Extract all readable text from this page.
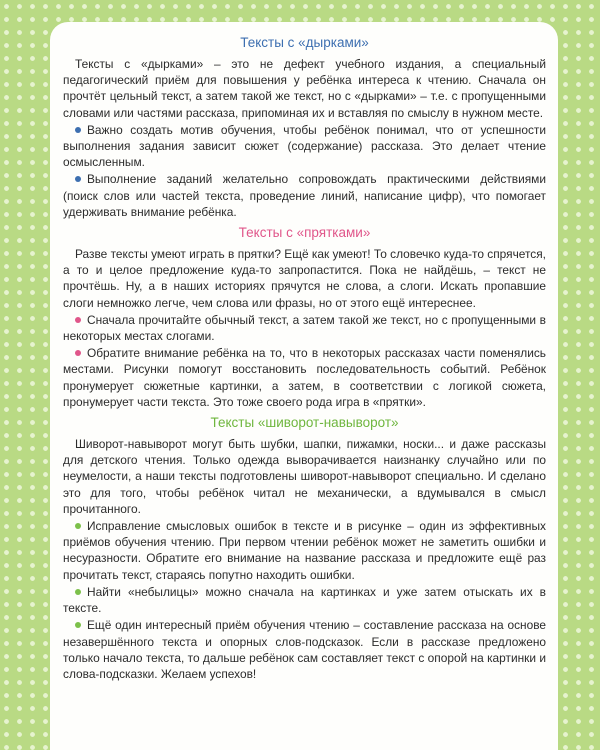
Тексты с «дырками»

Тексты с «дырками» – это не дефект учебного издания, а специальный педагогический приём для повышения у ребёнка интереса к чтению. Сначала он прочтёт цельный текст, а затем такой же текст, но с «дырками» – т.е. с пропущенными словами или частями рассказа, припоминая их и вставляя по смыслу в нужном месте.

Важно создать мотив обучения, чтобы ребёнок понимал, что от успешности выполнения задания зависит сюжет (содержание) рассказа. Это делает чтение осмысленным.

Выполнение заданий желательно сопровождать практическими действиями (поиск слов или частей текста, проведение линий, написание цифр), что помогает удерживать внимание ребёнка.

Тексты с «прятками»

Разве тексты умеют играть в прятки? Ещё как умеют! То словечко куда-то спрячется, а то и целое предложение куда-то запропастится. Пока не найдёшь, – текст не прочтёшь. Ну, а в наших историях прячутся не слова, а слоги. Искать пропавшие слоги немножко легче, чем слова или фразы, но от этого ещё интереснее.

Сначала прочитайте обычный текст, а затем такой же текст, но с пропущенными в некоторых местах слогами.

Обратите внимание ребёнка на то, что в некоторых рассказах части поменялись местами. Рисунки помогут восстановить последовательность событий. Ребёнок пронумерует сюжетные картинки, а затем, в соответствии с логикой сюжета, пронумерует части текста. Это тоже своего рода игра в «прятки».

Тексты «шиворот-навыворот»

Шиворот-навыворот могут быть шубки, шапки, пижамки, носки... и даже рассказы для детского чтения. Только одежда выворачивается наизнанку случайно или по неумелости, а наши тексты подготовлены шиворот-навыворот специально. И сделано это для того, чтобы ребёнок читал не механически, а вдумывался в смысл прочитанного.

Исправление смысловых ошибок в тексте и в рисунке – один из эффективных приёмов обучения чтению. При первом чтении ребёнок может не заметить ошибки и несуразности. Обратите его внимание на название рассказа и предложите ещё раз прочитать текст, стараясь попутно находить ошибки.

Найти «небылицы» можно сначала на картинках и уже затем отыскать их в тексте.

Ещё один интересный приём обучения чтению – составление рассказа на основе незавершённого текста и опорных слов-подсказок. Если в рассказе предложено только начало текста, то дальше ребёнок сам составляет текст с опорой на картинки и слова-подсказки. Желаем успехов!
